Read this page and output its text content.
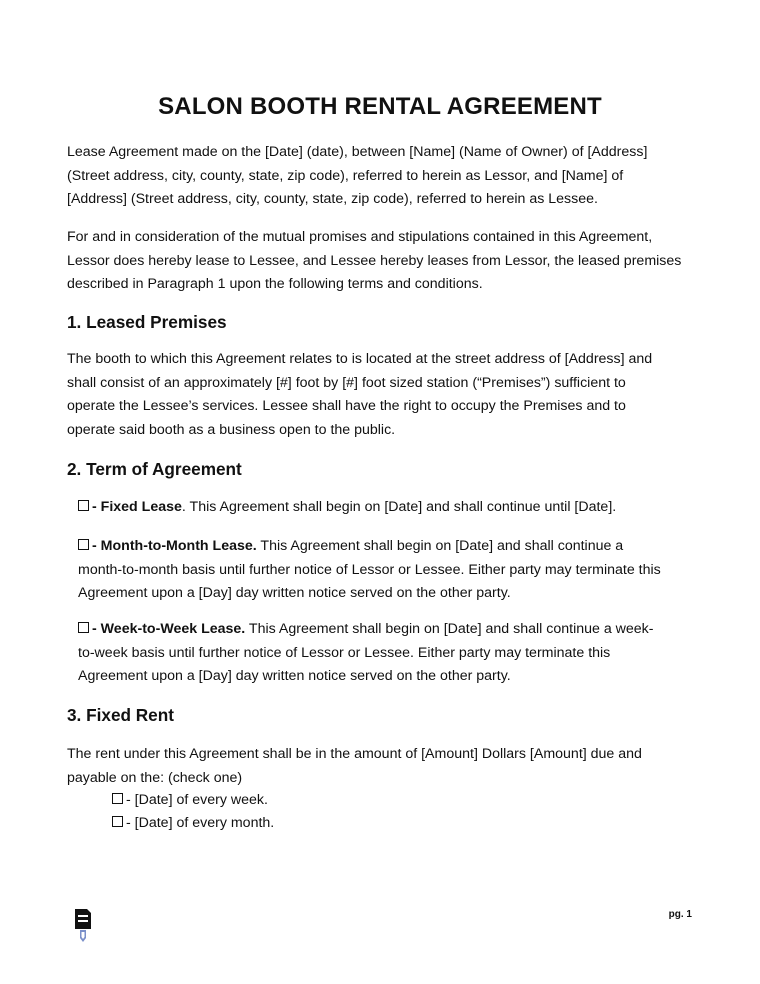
SALON BOOTH RENTAL AGREEMENT
Lease Agreement made on the [Date] (date), between [Name] (Name of Owner) of [Address]
(Street address, city, county, state, zip code), referred to herein as Lessor, and [Name] of
[Address] (Street address, city, county, state, zip code), referred to herein as Lessee.
For and in consideration of the mutual promises and stipulations contained in this Agreement,
Lessor does hereby lease to Lessee, and Lessee hereby leases from Lessor, the leased premises
described in Paragraph 1 upon the following terms and conditions.
1. Leased Premises
The booth to which this Agreement relates to is located at the street address of [Address] and
shall consist of an approximately [#] foot by [#] foot sized station (“Premises”) sufficient to
operate the Lessee’s services. Lessee shall have the right to occupy the Premises and to
operate said booth as a business open to the public.
2. Term of Agreement
- Fixed Lease. This Agreement shall begin on [Date] and shall continue until [Date].
- Month-to-Month Lease. This Agreement shall begin on [Date] and shall continue a
month-to-month basis until further notice of Lessor or Lessee. Either party may terminate this
Agreement upon a [Day] day written notice served on the other party.
- Week-to-Week Lease. This Agreement shall begin on [Date] and shall continue a week-
to-week basis until further notice of Lessor or Lessee. Either party may terminate this
Agreement upon a [Day] day written notice served on the other party.
3. Fixed Rent
The rent under this Agreement shall be in the amount of [Amount] Dollars [Amount] due and
payable on the: (check one)
- [Date] of every week.
- [Date] of every month.
pg. 1
